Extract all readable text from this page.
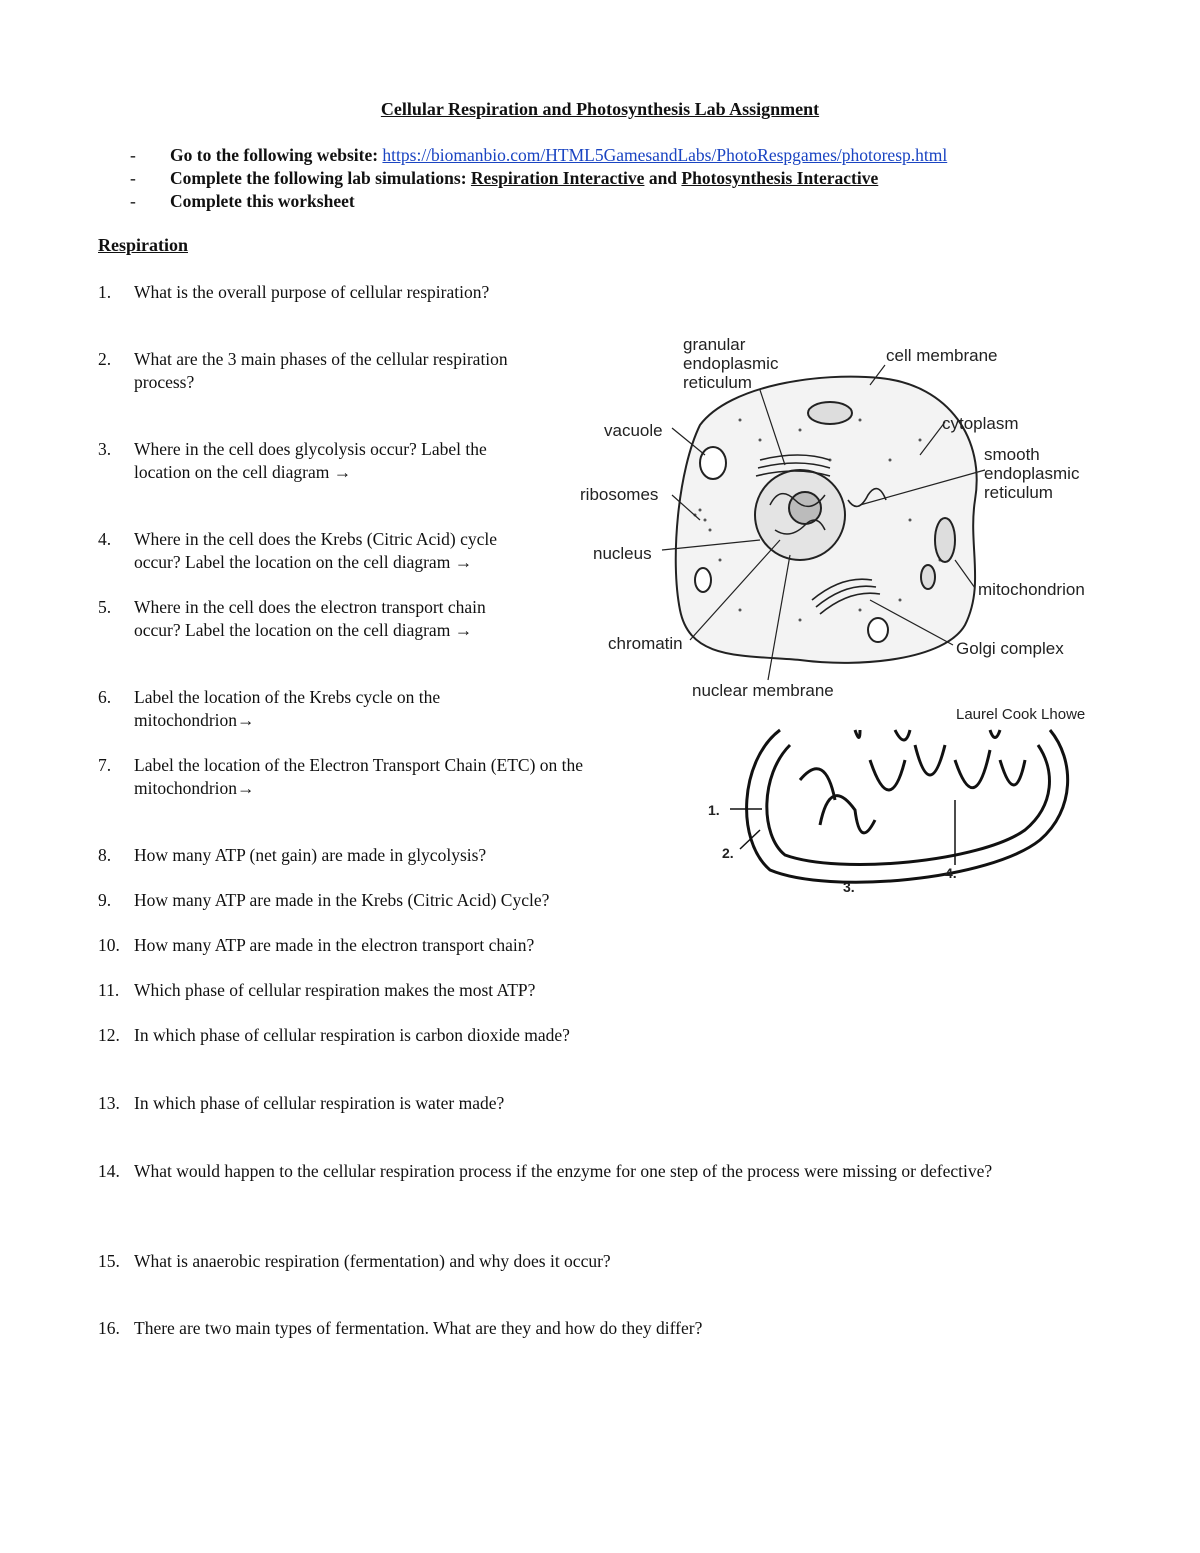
Cellular Respiration and Photosynthesis Lab Assignment
- Go to the following website: https://biomanbio.com/HTML5GamesandLabs/PhotoRespgames/photoresp.html
- Complete the following lab simulations: Respiration Interactive and Photosynthesis Interactive
- Complete this worksheet
Respiration
1. What is the overall purpose of cellular respiration?
2. What are the 3 main phases of the cellular respiration
process?
3. Where in the cell does glycolysis occur? Label the
location on the cell diagram →
4. Where in the cell does the Krebs (Citric Acid) cycle
occur? Label the location on the cell diagram →
5. Where in the cell does the electron transport chain
occur? Label the location on the cell diagram →
6. Label the location of the Krebs cycle on the
mitochondrion→
7. Label the location of the Electron Transport Chain (ETC) on the
mitochondrion→
8. How many ATP (net gain) are made in glycolysis?
9. How many ATP are made in the Krebs (Citric Acid) Cycle?
10. How many ATP are made in the electron transport chain?
11. Which phase of cellular respiration makes the most ATP?
12. In which phase of cellular respiration is carbon dioxide made?
13. In which phase of cellular respiration is water made?
14. What would happen to the cellular respiration process if the enzyme for one step of the process were missing or defective?
15. What is anaerobic respiration (fermentation) and why does it occur?
16. There are two main types of fermentation. What are they and how do they differ?
granular
endoplasmic
reticulum
cell membrane
vacuole	cytoplasm
smooth
endoplasmic
reticulum
ribosomes
nucleus
mitochondrion
chromatin	Golgi complex
nuclear membrane
Laurel Cook Lhowe
1.
2.
3.
4.
